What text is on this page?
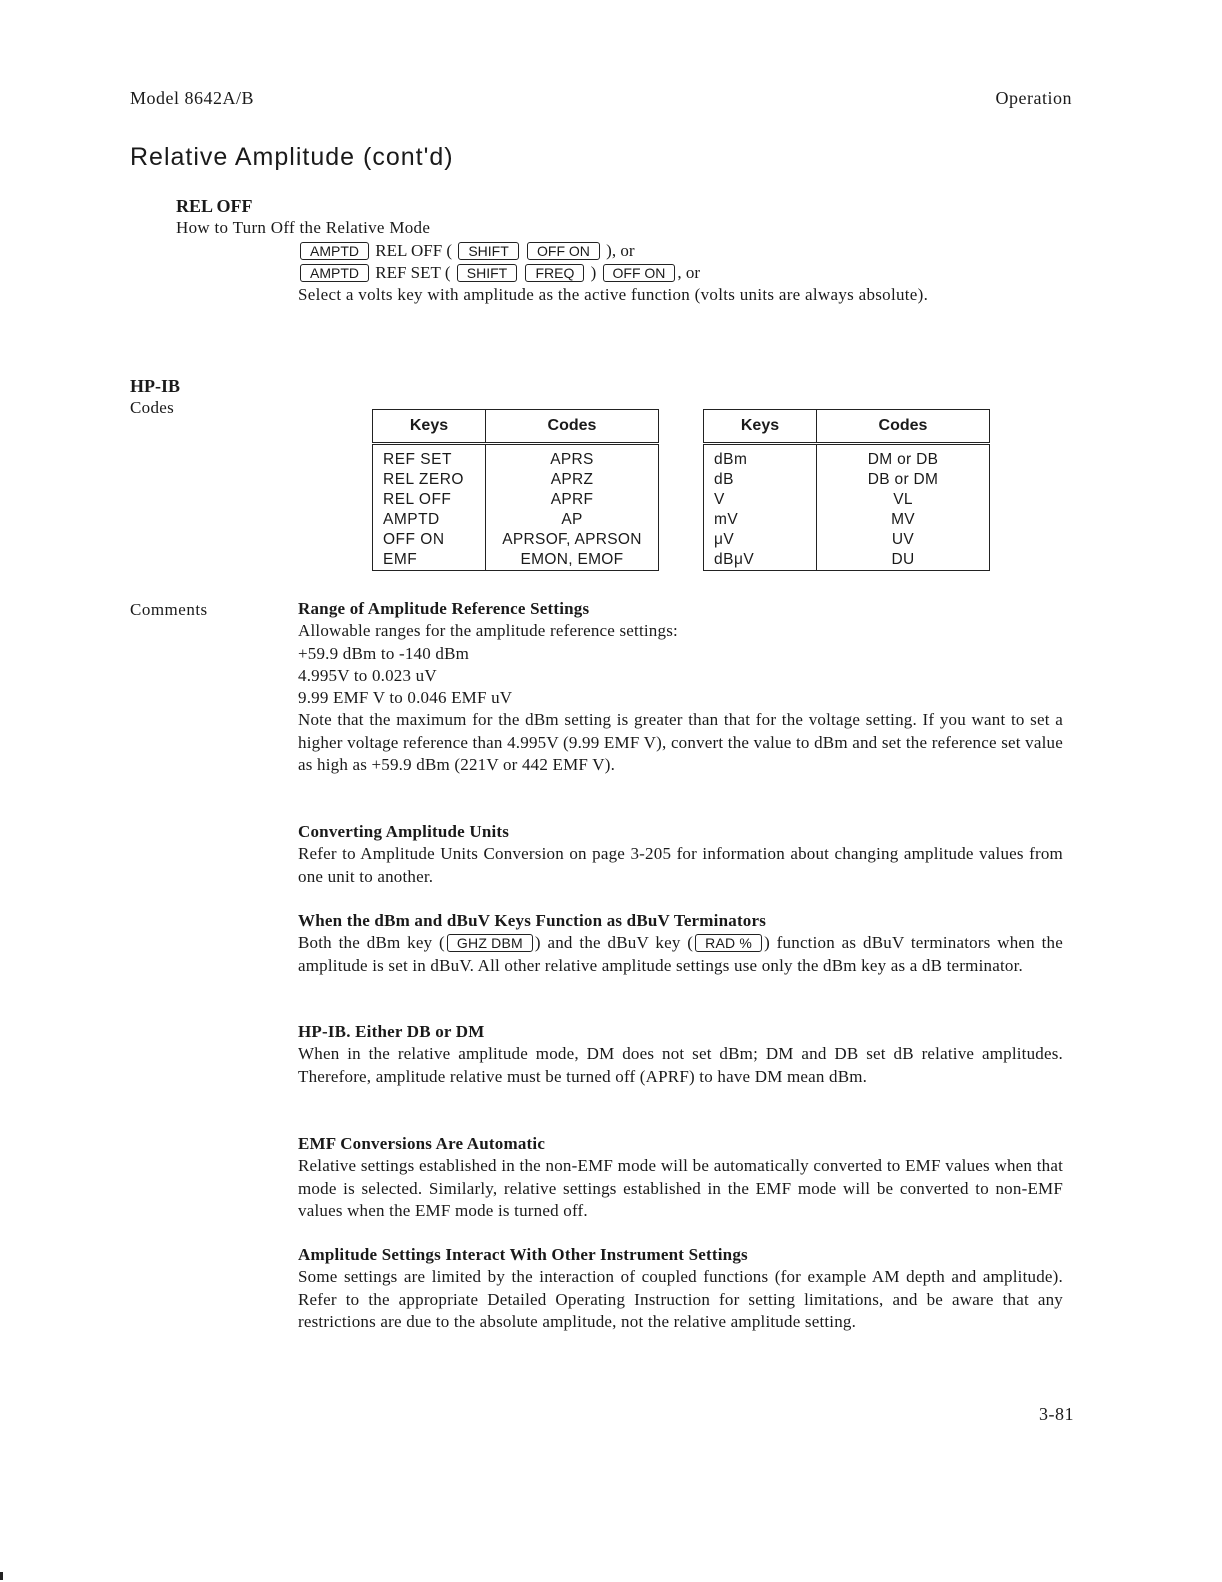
Model 8642A/B	Operation
Relative Amplitude (cont'd)
REL OFF
How to Turn Off the Relative Mode
AMPTD REL OFF ( SHIFT OFF ON ), or
AMPTD REF SET ( SHIFT FREQ ) OFF ON , or
Select a volts key with amplitude as the active function (volts units are always absolute).
HP-IB
Codes
Keys	Codes
REF SET	APRS
REL ZERO	APRZ
REL OFF	APRF
AMPTD	AP
OFF ON	APRSOF, APRSON
EMF	EMON, EMOF
Keys	Codes
dBm	DM or DB
dB	DB or DM
V	VL
mV	MV
μV	UV
dBμV	DU
Comments	Range of Amplitude Reference Settings
Allowable ranges for the amplitude reference settings:
+59.9 dBm to -140 dBm
4.995V to 0.023 uV
9.99 EMF V to 0.046 EMF uV
Note that the maximum for the dBm setting is greater than that for the voltage setting. If you want to set a higher voltage reference than 4.995V (9.99 EMF V), convert the value to dBm and set the reference set value as high as +59.9 dBm (221V or 442 EMF V).
Converting Amplitude Units
Refer to Amplitude Units Conversion on page 3-205 for information about changing amplitude values from one unit to another.
When the dBm and dBuV Keys Function as dBuV Terminators
Both the dBm key ( GHZ DBM ) and the dBuV key ( RAD % ) function as dBuV terminators when the amplitude is set in dBuV. All other relative amplitude settings use only the dBm key as a dB terminator.
HP-IB. Either DB or DM
When in the relative amplitude mode, DM does not set dBm; DM and DB set dB relative amplitudes. Therefore, amplitude relative must be turned off (APRF) to have DM mean dBm.
EMF Conversions Are Automatic
Relative settings established in the non-EMF mode will be automatically converted to EMF values when that mode is selected. Similarly, relative settings established in the EMF mode will be converted to non-EMF values when the EMF mode is turned off.
Amplitude Settings Interact With Other Instrument Settings
Some settings are limited by the interaction of coupled functions (for example AM depth and amplitude). Refer to the appropriate Detailed Operating Instruction for setting limitations, and be aware that any restrictions are due to the absolute amplitude, not the relative amplitude setting.
3-81
